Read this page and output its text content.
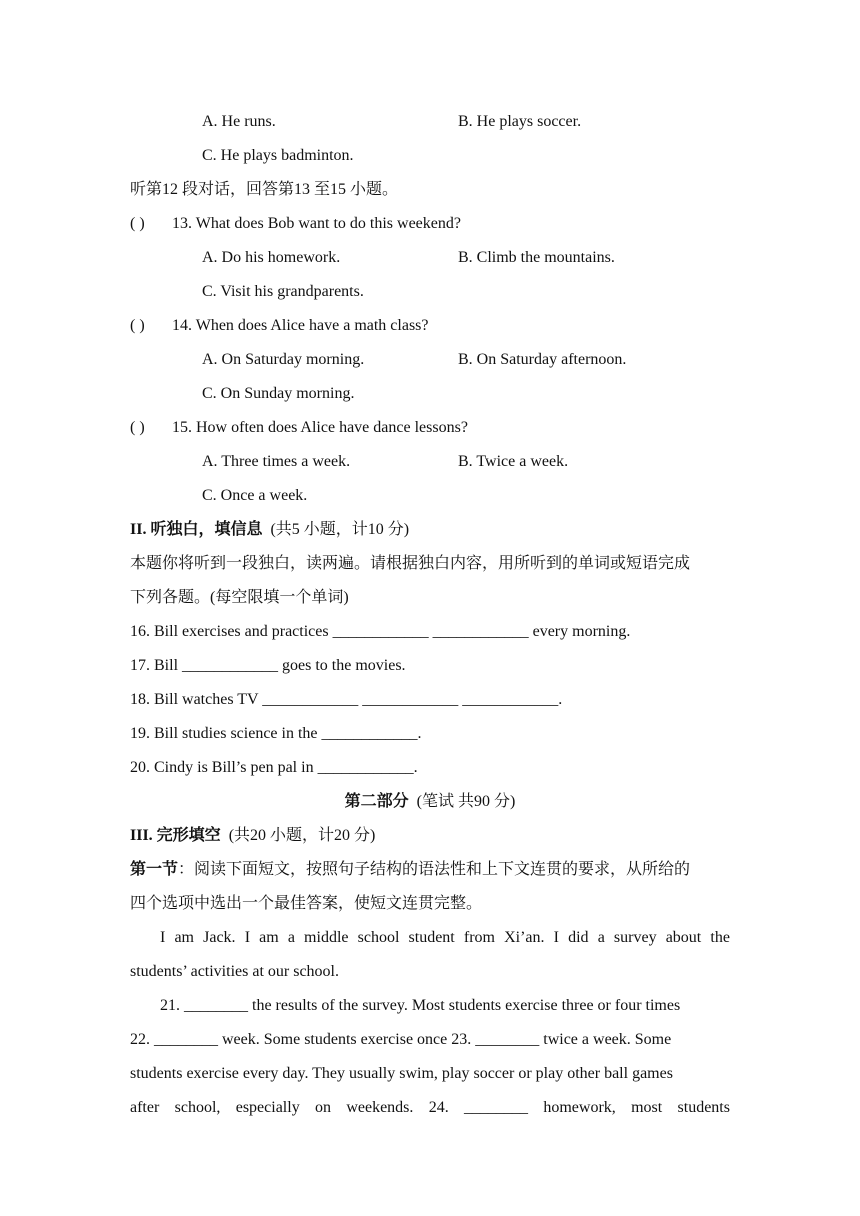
A. He runs.	B. He plays soccer.
C. He plays badminton.
听第12 段对话，回答第13 至15 小题。
( ) 13. What does Bob want to do this weekend?
A. Do his homework.	B. Climb the mountains.
C. Visit his grandparents.
( ) 14. When does Alice have a math class?
A. On Saturday morning.	B. On Saturday afternoon.
C. On Sunday morning.
( ) 15. How often does Alice have dance lessons?
A. Three times a week.	B. Twice a week.
C. Once a week.
II. 听独白，填信息 (共5 小题，计10 分)
本题你将听到一段独白，读两遍。请根据独白内容，用所听到的单词或短语完成
下列各题。(每空限填一个单词)
16. Bill exercises and practices ____________ ____________ every morning.
17. Bill ____________ goes to the movies.
18. Bill watches TV ____________ ____________ ____________.
19. Bill studies science in the ____________.
20. Cindy is Bill’s pen pal in ____________.
第二部分 (笔试 共90 分)
III. 完形填空 (共20 小题，计20 分)
第一节：阅读下面短文，按照句子结构的语法性和上下文连贯的要求，从所给的
四个选项中选出一个最佳答案，使短文连贯完整。
I am Jack. I am a middle school student from Xi’an. I did a survey about the
students’ activities at our school.
21. ________ the results of the survey. Most students exercise three or four times
22. ________ week. Some students exercise once 23. ________ twice a week. Some
students exercise every day. They usually swim, play soccer or play other ball games
after school, especially on weekends. 24. ________ homework, most students
